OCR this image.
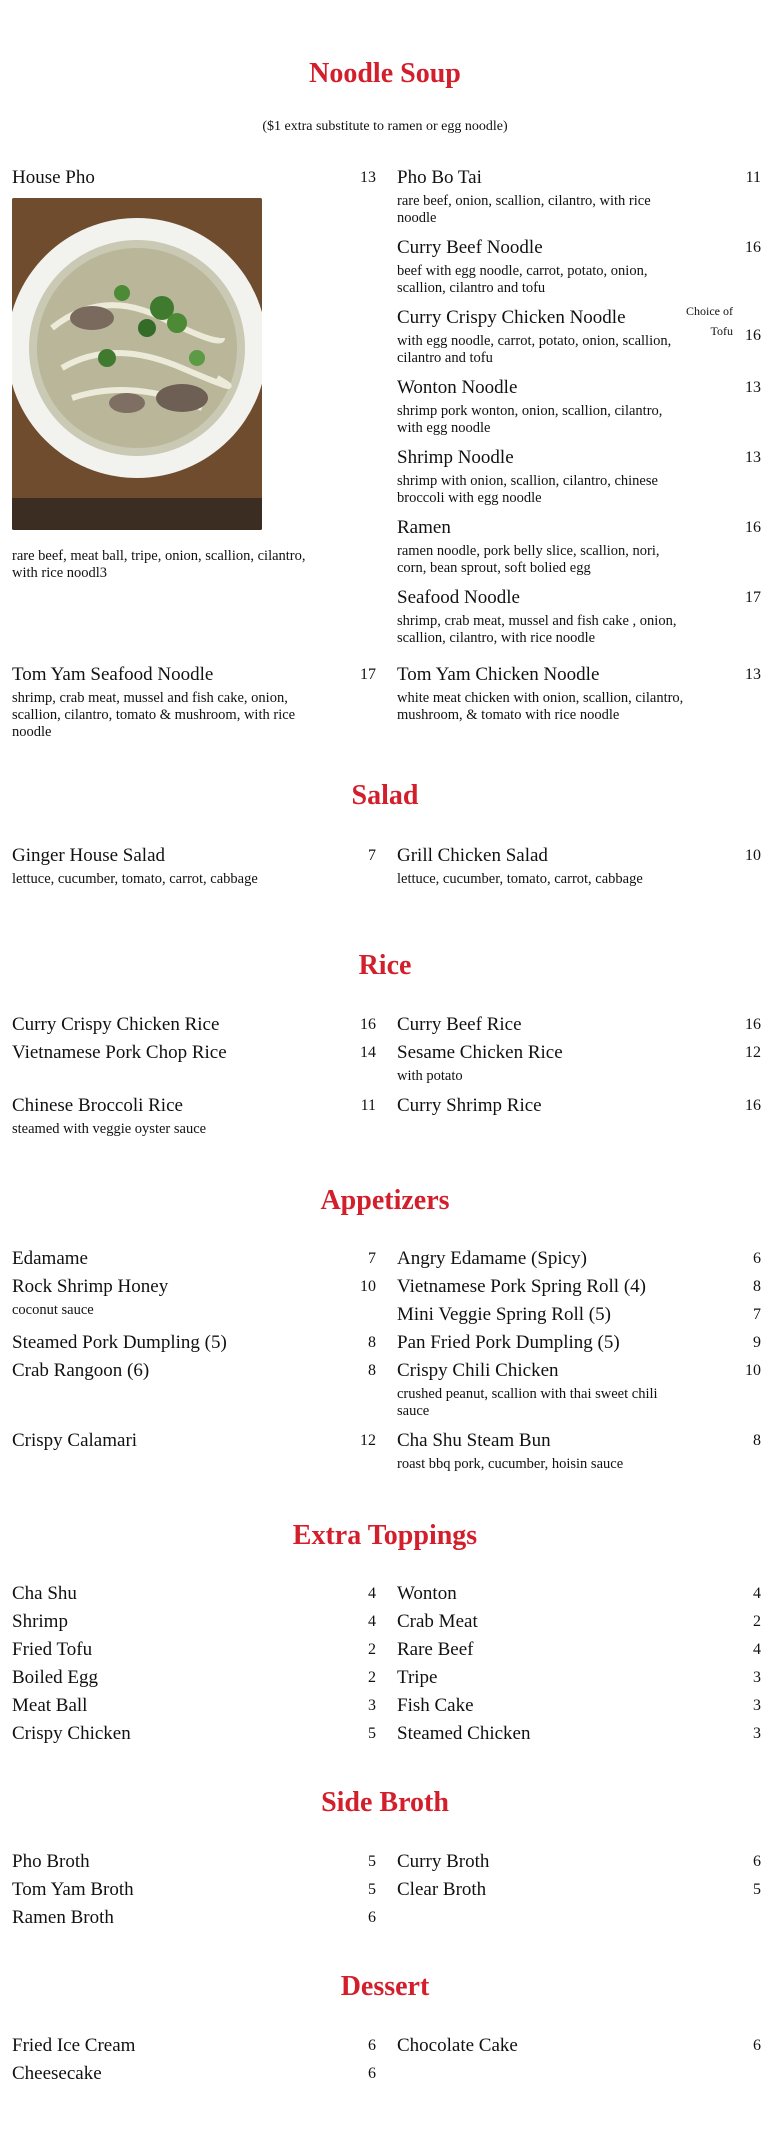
Noodle Soup
($1 extra substitute to ramen or egg noodle)
House Pho	13
rare beef, meat ball, tripe, onion, scallion, cilantro, with rice noodl3
Tom Yam Seafood Noodle	17
shrimp, crab meat, mussel and fish cake, onion, scallion, cilantro, tomato & mushroom, with rice noodle
Pho Bo Tai	11
rare beef, onion, scallion, cilantro, with rice noodle
Curry Beef Noodle	16
beef with egg noodle, carrot, potato, onion, scallion, cilantro and tofu
Curry Crispy Chicken Noodle	Choice of Tofu 16
with egg noodle, carrot, potato, onion, scallion, cilantro and tofu
Wonton Noodle	13
shrimp pork wonton, onion, scallion, cilantro, with egg noodle
Shrimp Noodle	13
shrimp with onion, scallion, cilantro, chinese broccoli with egg noodle
Ramen	16
ramen noodle, pork belly slice, scallion, nori, corn, bean sprout, soft bolied egg
Seafood Noodle	17
shrimp, crab meat, mussel and fish cake , onion, scallion, cilantro, with rice noodle
Tom Yam Chicken Noodle	13
white meat chicken with onion, scallion, cilantro, mushroom, & tomato with rice noodle
Salad
Ginger House Salad	7
lettuce, cucumber, tomato, carrot, cabbage
Grill Chicken Salad	10
lettuce, cucumber, tomato, carrot, cabbage
Rice
Curry Crispy Chicken Rice	16
Vietnamese Pork Chop Rice	14
Chinese Broccoli Rice	11
steamed with veggie oyster sauce
Curry Beef Rice	16
Sesame Chicken Rice	12
with potato
Curry Shrimp Rice	16
Appetizers
Edamame	7
Rock Shrimp Honey	10
coconut sauce
Steamed Pork Dumpling (5)	8
Crab Rangoon (6)	8
Crispy Calamari	12
Angry Edamame (Spicy)	6
Vietnamese Pork Spring Roll (4)	8
Mini Veggie Spring Roll (5)	7
Pan Fried Pork Dumpling (5)	9
Crispy Chili Chicken	10
crushed peanut, scallion with thai sweet chili sauce
Cha Shu Steam Bun	8
roast bbq pork, cucumber, hoisin sauce
Extra Toppings
Cha Shu	4
Shrimp	4
Fried Tofu	2
Boiled Egg	2
Meat Ball	3
Crispy Chicken	5
Wonton	4
Crab Meat	2
Rare Beef	4
Tripe	3
Fish Cake	3
Steamed Chicken	3
Side Broth
Pho Broth	5
Tom Yam Broth	5
Ramen Broth	6
Curry Broth	6
Clear Broth	5
Dessert
Fried Ice Cream	6
Cheesecake	6
Chocolate Cake	6
